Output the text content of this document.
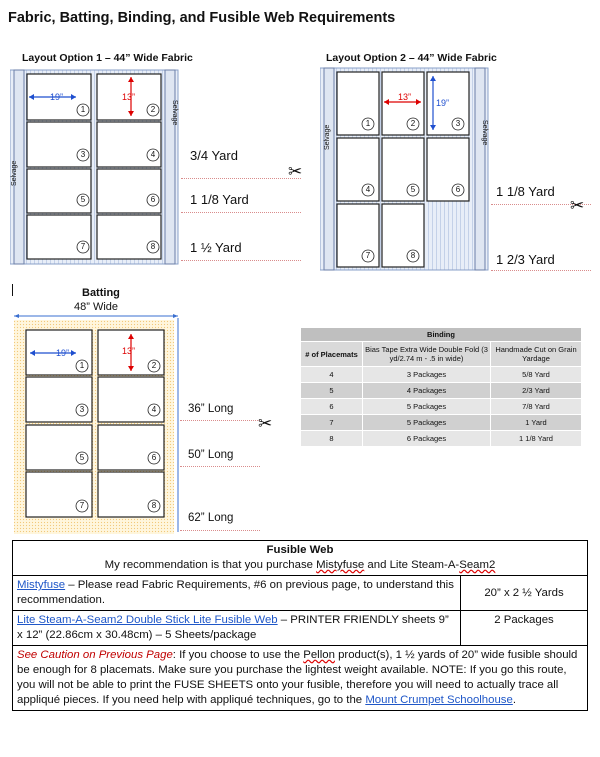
Fabric, Batting, Binding, and Fusible Web Requirements
Layout Option 1 – 44” Wide Fabric
19”	13”
Selvage
Selvage
3/4 Yard
1 1/8 Yard
1 ½ Yard
✂
Layout Option 2 – 44” Wide Fabric
13”
19”
Selvage	Selvage
1 1/8 Yard
1 2/3 Yard
✂
Batting
48” Wide
19”	13”
36” Long
50” Long
62” Long
✂
Binding		
# of Placemats	Bias Tape Extra Wide Double Fold (3 yd/2.74 m - .5 in wide)	Handmade Cut on Grain Yardage
4	3 Packages	5/8 Yard
5	4 Packages	2/3 Yard
6	5 Packages	7/8 Yard
7	5 Packages	1 Yard
8	6 Packages	1 1/8 Yard
Fusible Web
My recommendation is that you purchase Mistyfuse and Lite Steam-A-Seam2	

Mistyfuse – Please read Fabric Requirements, #6 on previous page, to understand this recommendation.	20” x 2 ½ Yards
Lite Steam-A-Seam2 Double Stick Lite Fusible Web – PRINTER FRIENDLY sheets 9” x 12” (22.86cm x 30.48cm) – 5 Sheets/package	2 Packages
See Caution on Previous Page: If you choose to use the Pellon product(s), 1 ½ yards of 20” wide fusible should be enough for 8 placemats. Make sure you purchase the lightest weight available. NOTE: If you go this route, you will not be able to print the FUSE SHEETS onto your fusible, therefore you will need to actually trace all appliqué pieces. If you need help with appliqué techniques, go to the Mount Crumpet Schoolhouse.	
1	2
3	4
5	6
7	8
1	2	3
4	5	6
7	8
1	2
3	4
5	6
7	8
